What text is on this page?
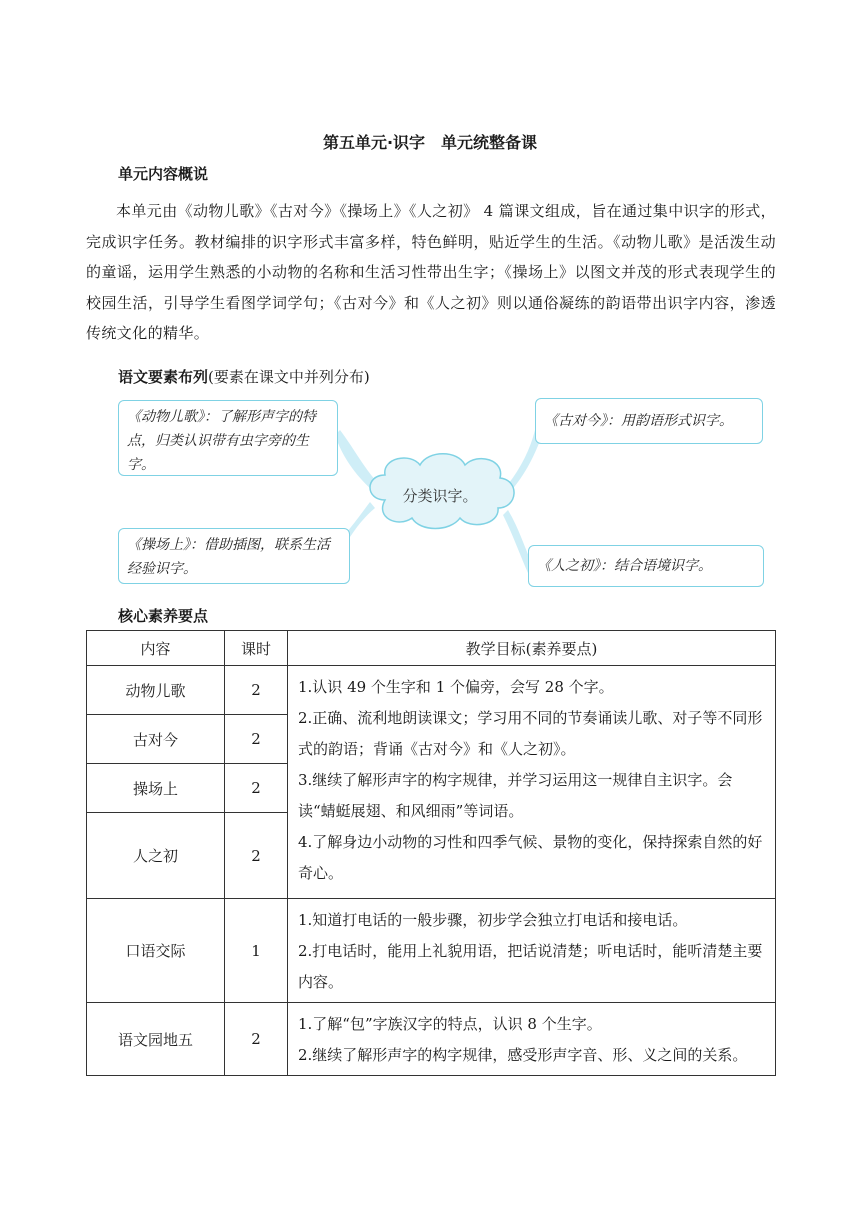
第五单元·识字　单元统整备课
单元内容概说
本单元由《动物儿歌》《古对今》《操场上》《人之初》 4 篇课文组成，旨在通过集中识字的形式，完成识字任务。教材编排的识字形式丰富多样，特色鲜明，贴近学生的生活。《动物儿歌》是活泼生动的童谣，运用学生熟悉的小动物的名称和生活习性带出生字；《操场上》以图文并茂的形式表现学生的校园生活，引导学生看图学词学句；《古对今》和《人之初》则以通俗凝练的韵语带出识字内容，渗透传统文化的精华。
语文要素布列(要素在课文中并列分布)
《动物儿歌》：了解形声字的特点，归类认识带有虫字旁的生字。
《古对今》：用韵语形式识字。
《操场上》：借助插图，联系生活经验识字。	《人之初》：结合语境识字。
分类识字。
核心素养要点
内容	课时	教学目标(素养要点)
动物儿歌	2	1.认识 49 个生字和 1 个偏旁，会写 28 个字。
2.正确、流利地朗读课文；学习用不同的节奏诵读儿歌、对子等不同形式的韵语；背诵《古对今》和《人之初》。
3.继续了解形声字的构字规律，并学习运用这一规律自主识字。会读“蜻蜓展翅、和风细雨”等词语。
4.了解身边小动物的习性和四季气候、景物的变化，保持探索自然的好奇心。

古对今	2	
操场上	2	
人之初	2	
口语交际	1	1.知道打电话的一般步骤，初步学会独立打电话和接电话。
2.打电话时，能用上礼貌用语，把话说清楚；听电话时，能听清楚主要内容。

语文园地五	2	1.了解“包”字族汉字的特点，认识 8 个生字。
2.继续了解形声字的构字规律，感受形声字音、形、义之间的关系。
